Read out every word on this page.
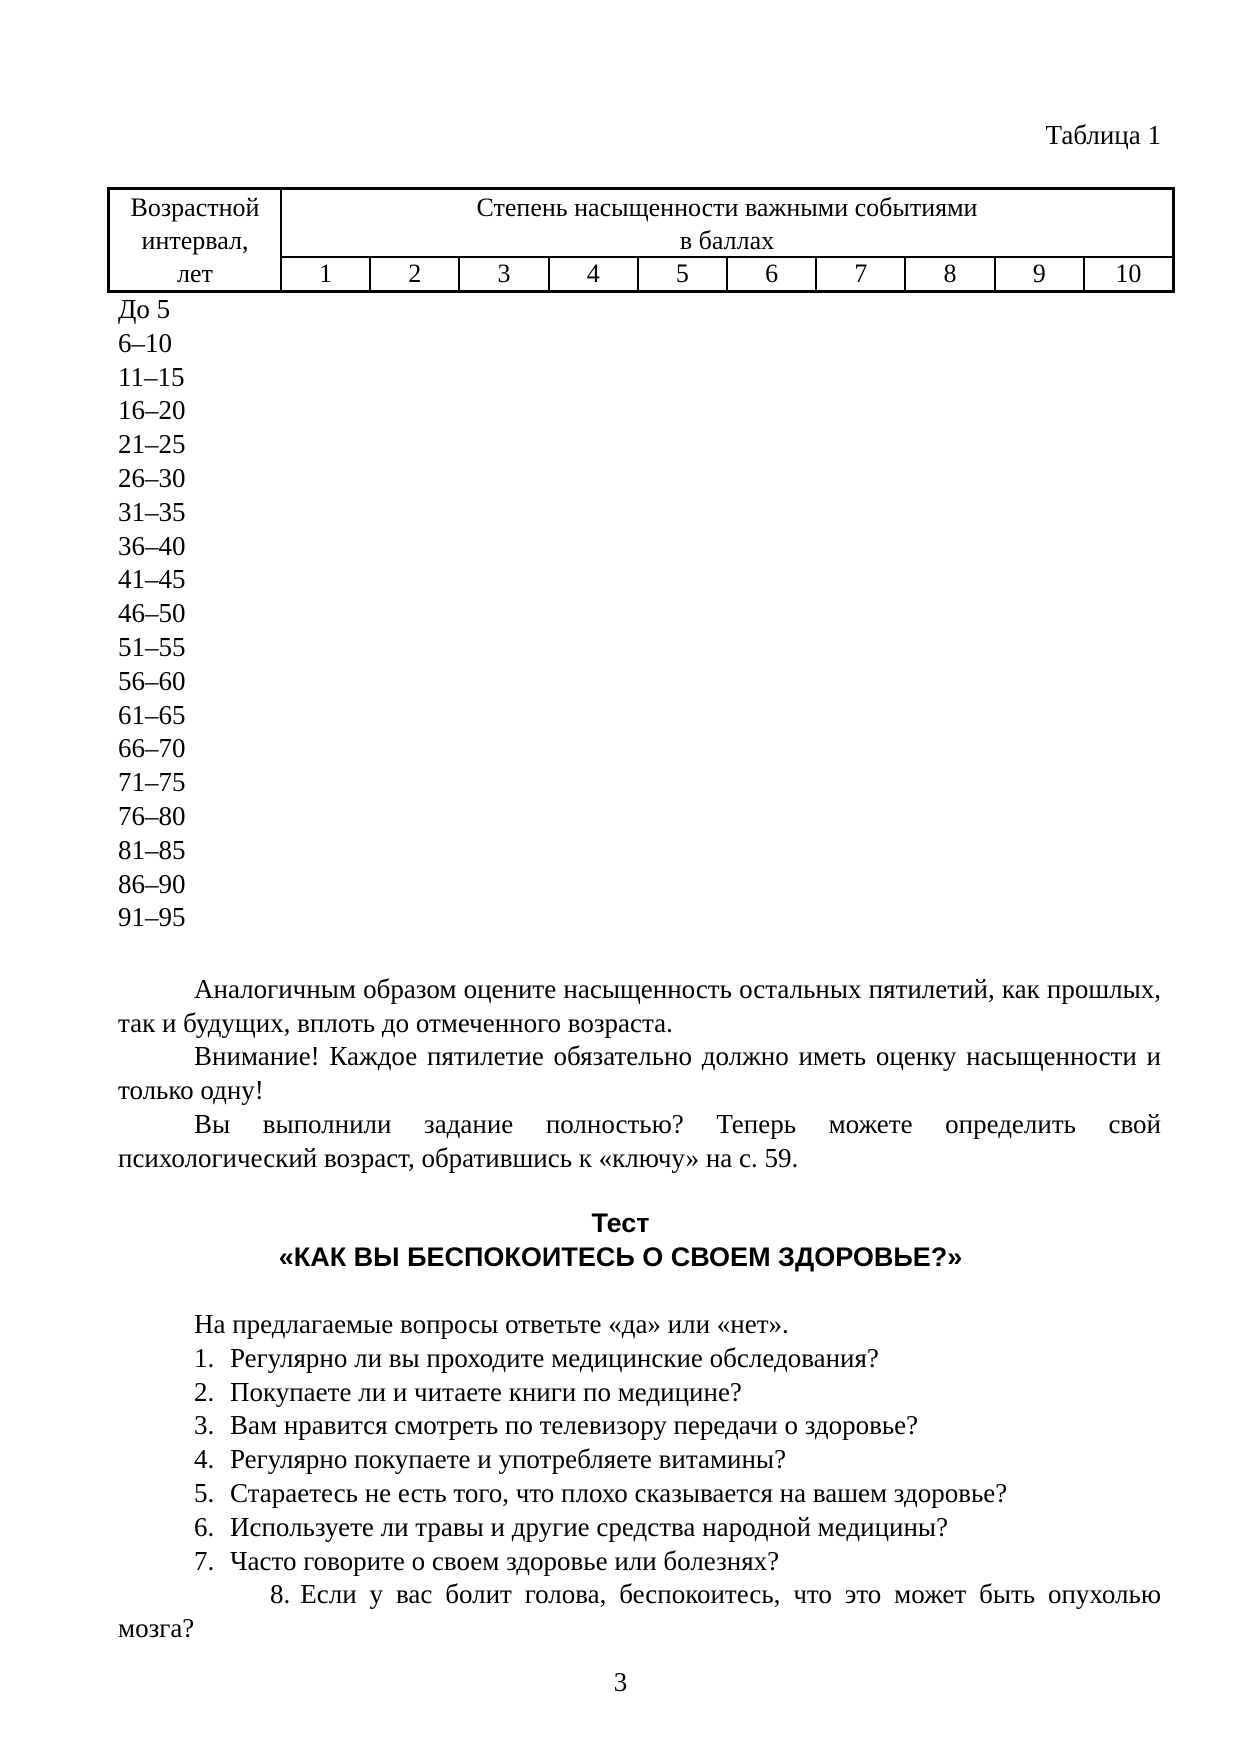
Таблица 1
Возрастной
интервал,
лет
Степень насыщенности важными событиями
в баллах
1	2	3	4	5	6	7	8	9	10
До 5
6–10
11–15
16–20
21–25
26–30
31–35
36–40
41–45
46–50
51–55
56–60
61–65
66–70
71–75
76–80
81–85
86–90
91–95
Аналогичным образом оцените насыщенность остальных пятилетий, как прошлых, так и будущих, вплоть до отмеченного возраста.
Внимание! Каждое пятилетие обязательно должно иметь оценку насыщенности и только одну!
Вы выполнили задание полностью? Теперь можете определить свой психологический возраст, обратившись к «ключу» на с. 59.
Тест
«КАК ВЫ БЕСПОКОИТЕСЬ О СВОЕМ ЗДОРОВЬЕ?»
На предлагаемые вопросы ответьте «да» или «нет».
1. Регулярно ли вы проходите медицинские обследования?
2. Покупаете ли и читаете книги по медицине?
3. Вам нравится смотреть по телевизору передачи о здоровье?
4. Регулярно покупаете и употребляете витамины?
5. Стараетесь не есть того, что плохо сказывается на вашем здоровье?
6. Используете ли травы и другие средства народной медицины?
7. Часто говорите о своем здоровье или болезнях?
8. Если у вас болит голова, беспокоитесь, что это может быть опухолью мозга?
3
